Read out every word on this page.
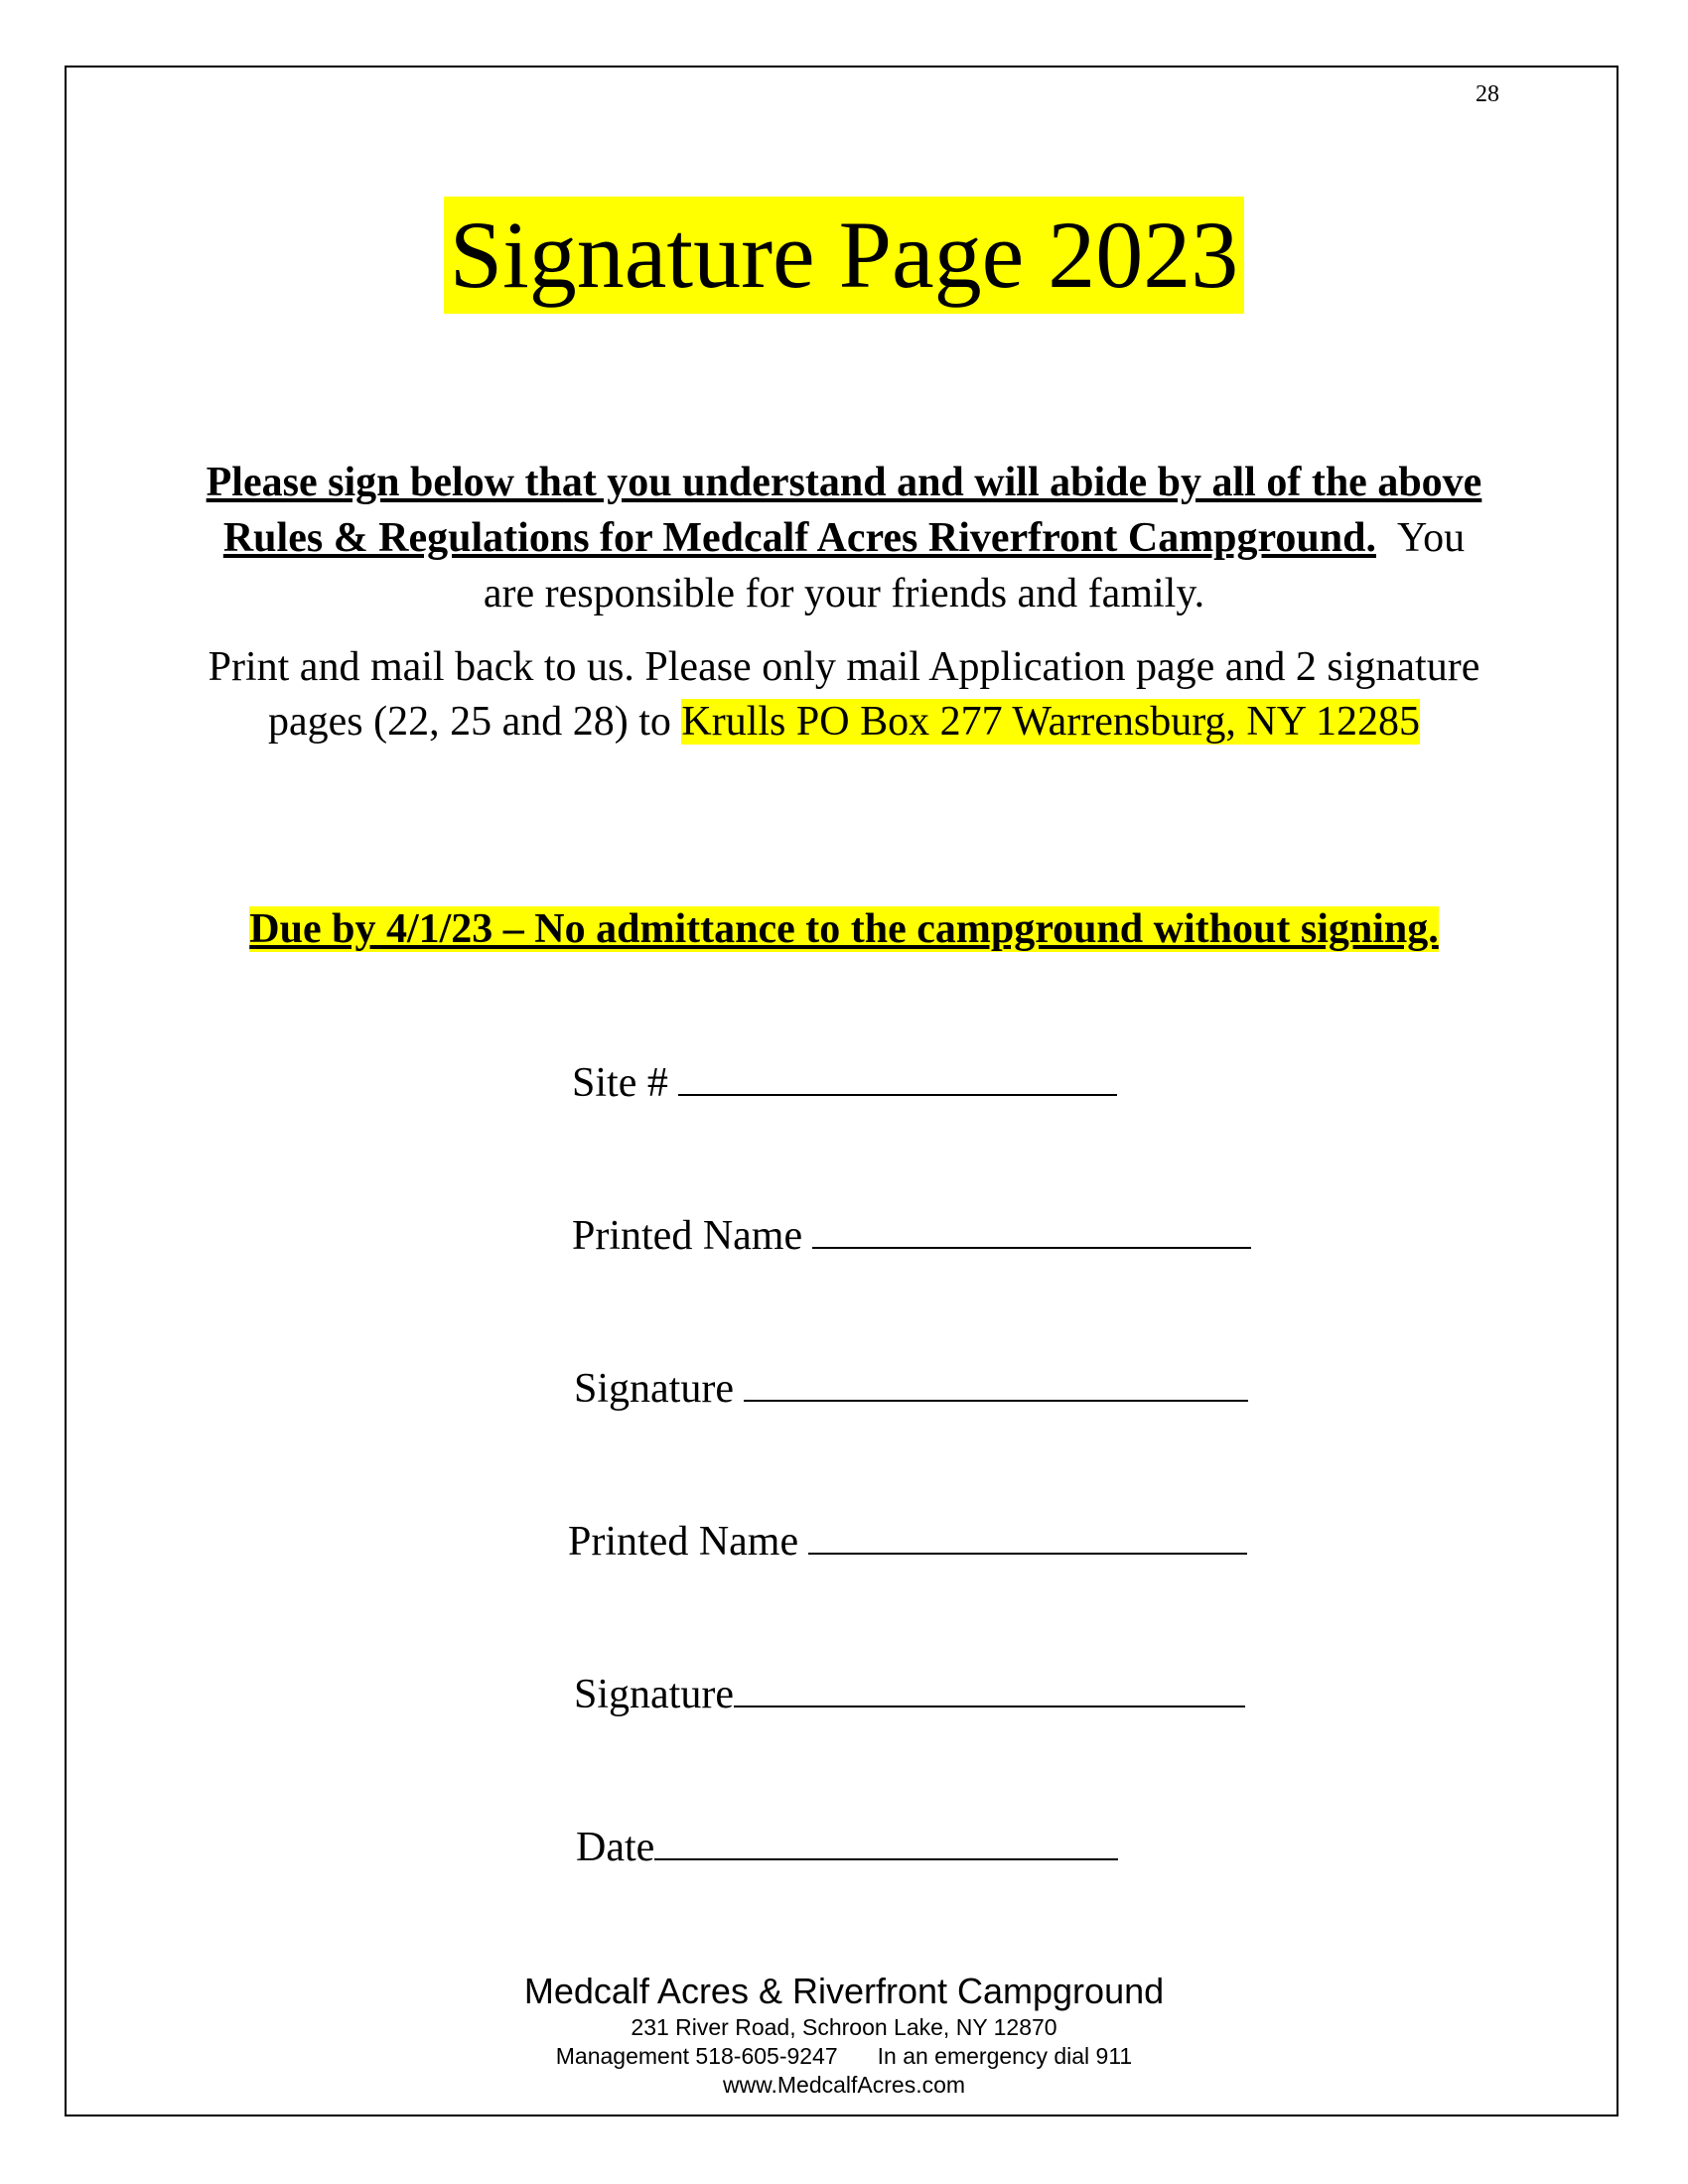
28
Signature Page 2023
Please sign below that you understand and will abide by all of the above Rules & Regulations for Medcalf Acres Riverfront Campground. You are responsible for your friends and family.
Print and mail back to us. Please only mail Application page and 2 signature pages (22, 25 and 28) to Krulls PO Box 277 Warrensburg, NY 12285
Due by 4/1/23 – No admittance to the campground without signing.
Site #
Printed Name
Signature
Printed Name
Signature
Date
Medcalf Acres & Riverfront Campground
231 River Road, Schroon Lake, NY 12870
Management 518-605-9247 In an emergency dial 911
www.MedcalfAcres.com
